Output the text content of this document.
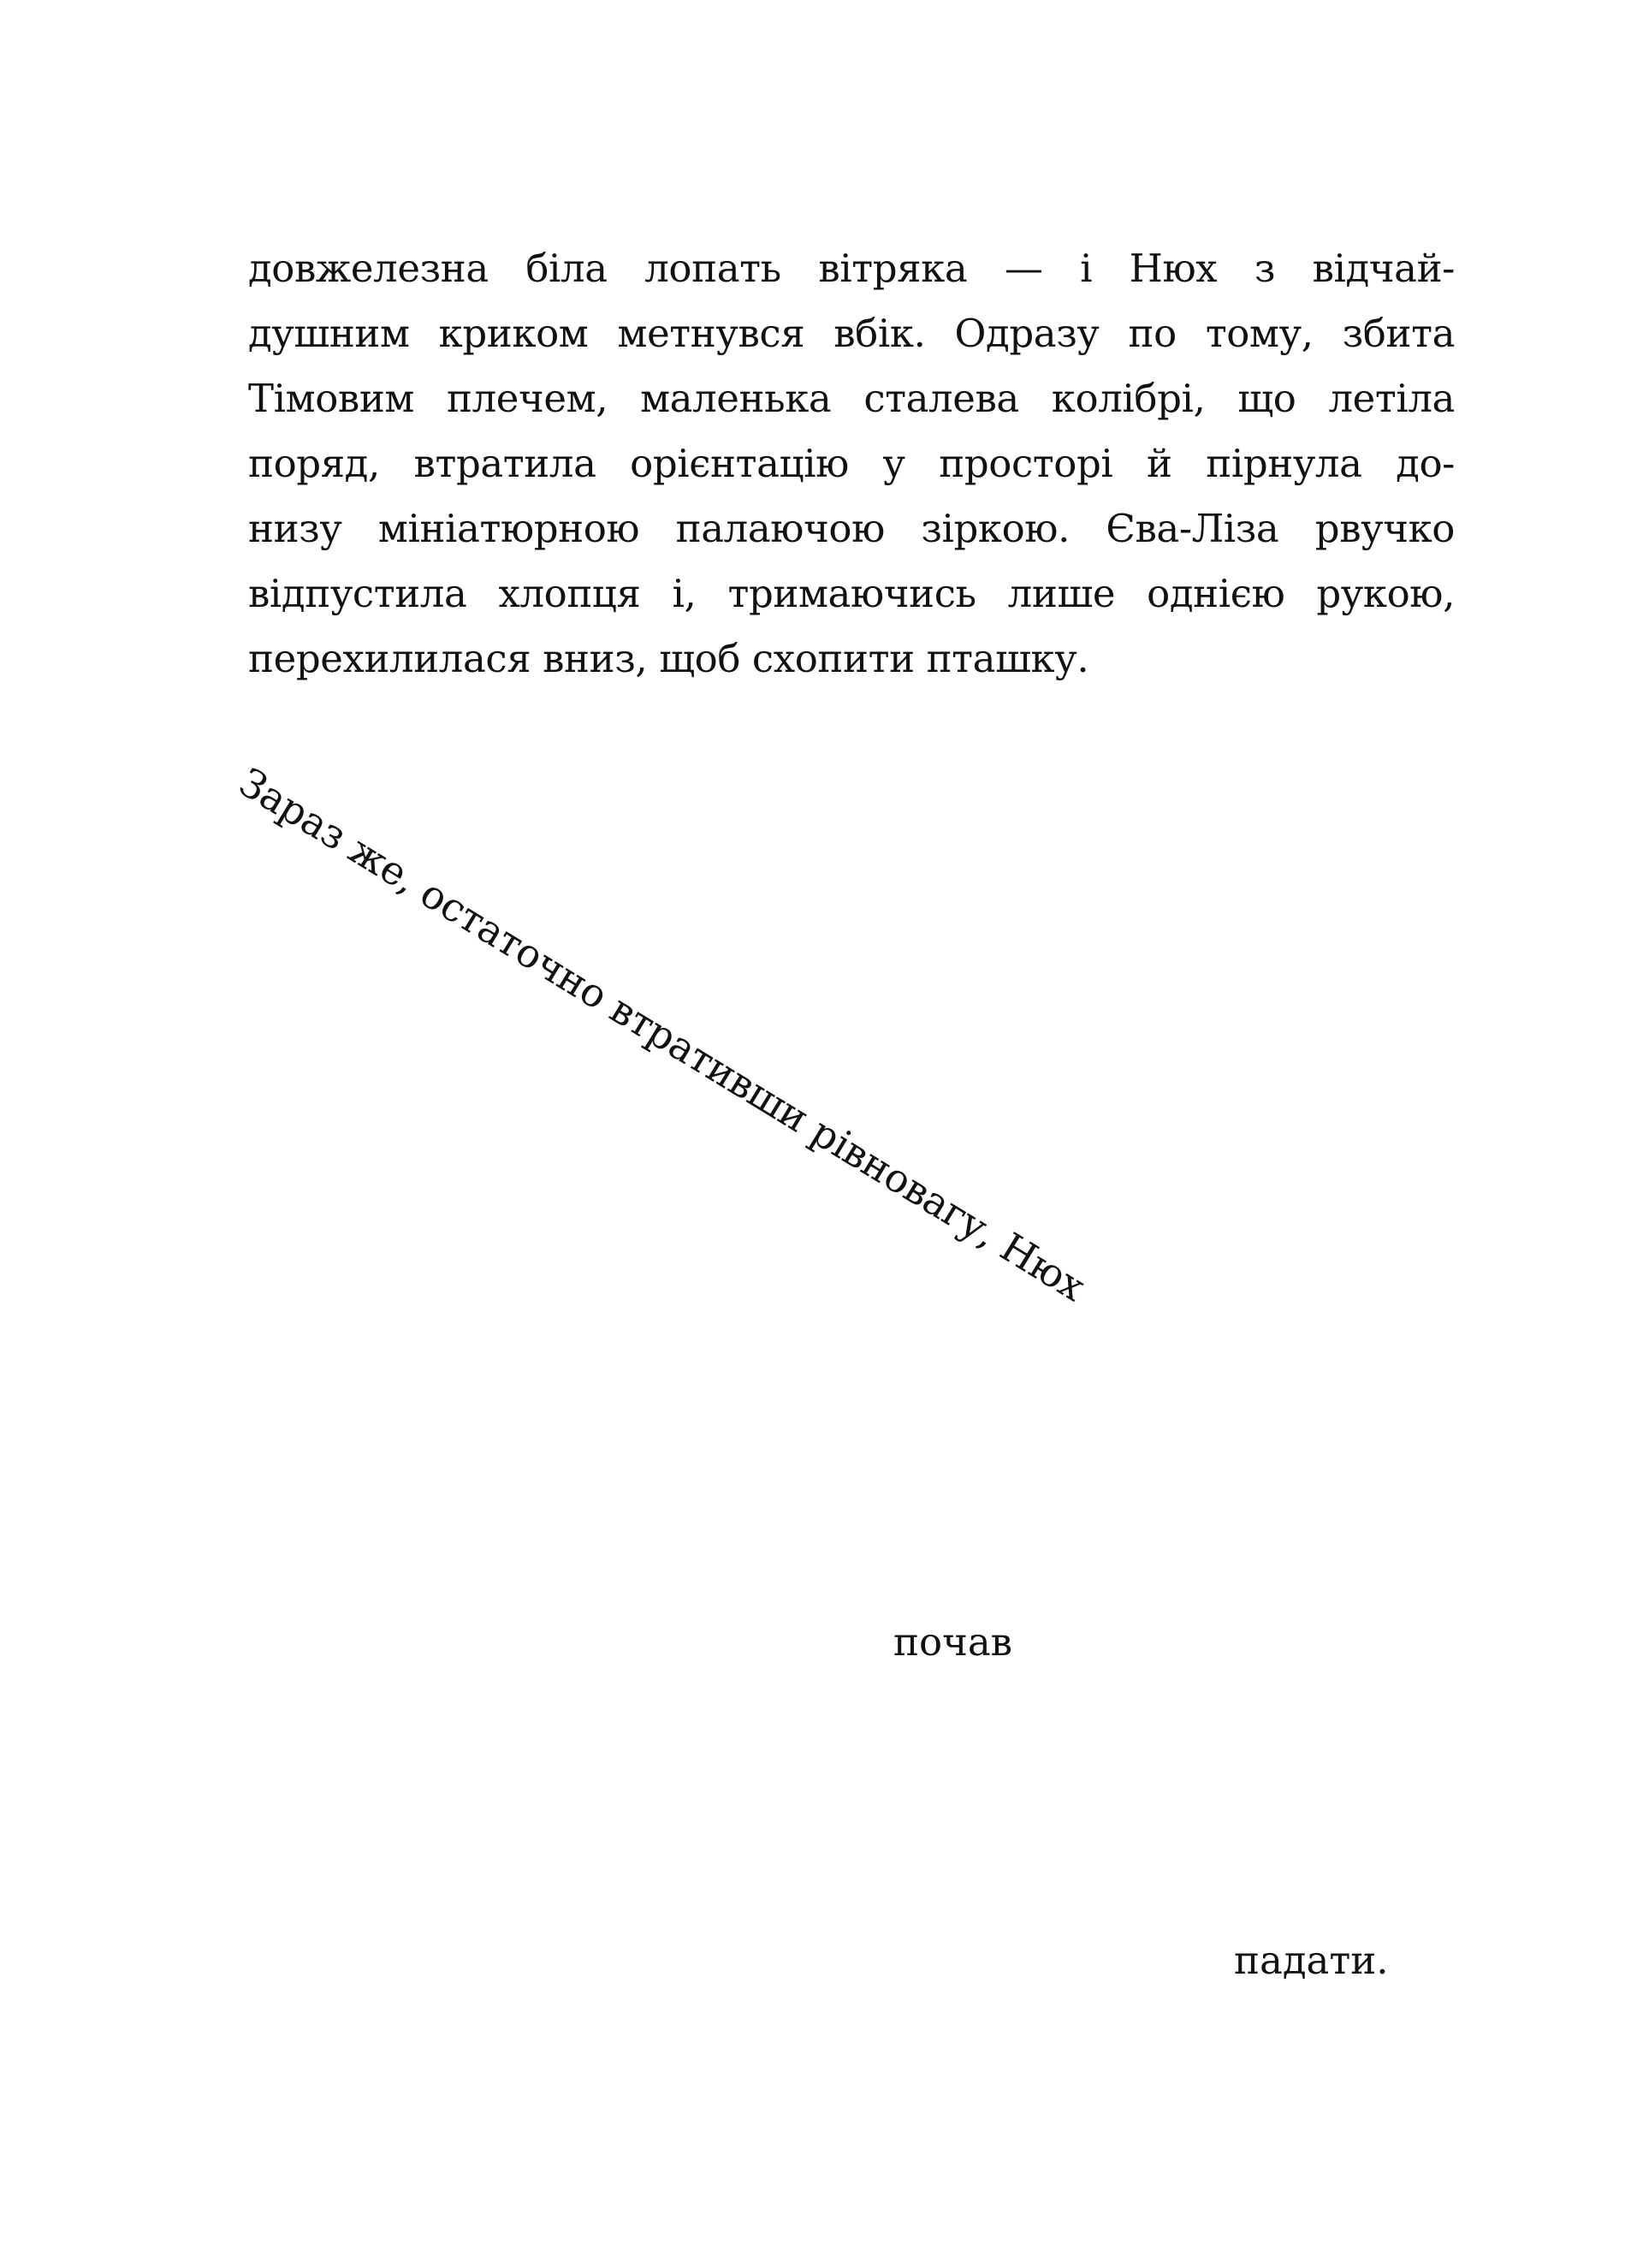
довжелезна біла лопать вітряка — і Нюх з відчай-
душним криком метнувся вбік. Одразу по тому, збита
Тімовим плечем, маленька сталева колібрі, що летіла
поряд, втратила орієнтацію у просторі й пірнула до-
низу мініатюрною палаючою зіркою. Єва-Ліза рвучко
відпустила хлопця і, тримаючись лише однією рукою,
перехилилася вниз, щоб схопити пташку.

Зараз же, остаточно втративши рівновагу, Нюх
почав
падати.
